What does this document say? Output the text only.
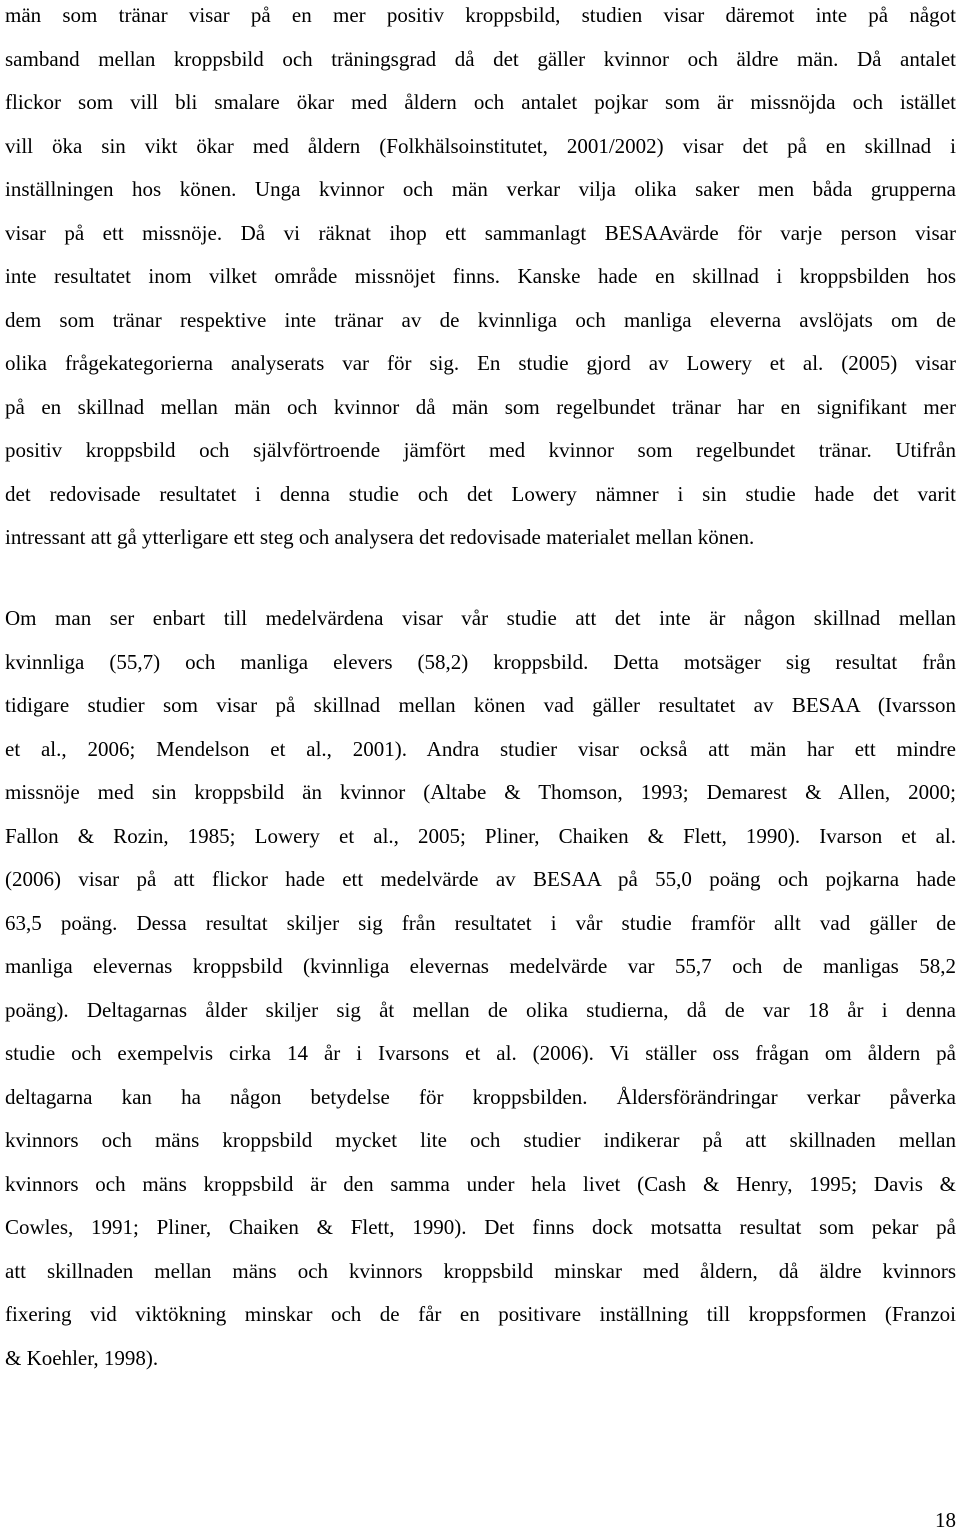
män som tränar visar på en mer positiv kroppsbild, studien visar däremot inte på något
samband mellan kroppsbild och träningsgrad då det gäller kvinnor och äldre män. Då antalet
flickor som vill bli smalare ökar med åldern och antalet pojkar som är missnöjda och istället
vill öka sin vikt ökar med åldern (Folkhälsoinstitutet, 2001/2002) visar det på en skillnad i
inställningen hos könen. Unga kvinnor och män verkar vilja olika saker men båda grupperna
visar på ett missnöje. Då vi räknat ihop ett sammanlagt BESAAvärde för varje person visar
inte resultatet inom vilket område missnöjet finns. Kanske hade en skillnad i kroppsbilden hos
dem som tränar respektive inte tränar av de kvinnliga och manliga eleverna avslöjats om de
olika frågekategorierna analyserats var för sig. En studie gjord av Lowery et al. (2005) visar
på en skillnad mellan män och kvinnor då män som regelbundet tränar har en signifikant mer
positiv kroppsbild och självförtroende jämfört med kvinnor som regelbundet tränar. Utifrån
det redovisade resultatet i denna studie och det Lowery nämner i sin studie hade det varit
intressant att gå ytterligare ett steg och analysera det redovisade materialet mellan könen.
Om man ser enbart till medelvärdena visar vår studie att det inte är någon skillnad mellan
kvinnliga (55,7) och manliga elevers (58,2) kroppsbild. Detta motsäger sig resultat från
tidigare studier som visar på skillnad mellan könen vad gäller resultatet av BESAA (Ivarsson
et al., 2006; Mendelson et al., 2001). Andra studier visar också att män har ett mindre
missnöje med sin kroppsbild än kvinnor (Altabe & Thomson, 1993; Demarest & Allen, 2000;
Fallon & Rozin, 1985; Lowery et al., 2005; Pliner, Chaiken & Flett, 1990). Ivarson et al.
(2006) visar på att flickor hade ett medelvärde av BESAA på 55,0 poäng och pojkarna hade
63,5 poäng. Dessa resultat skiljer sig från resultatet i vår studie framför allt vad gäller de
manliga elevernas kroppsbild (kvinnliga elevernas medelvärde var 55,7 och de manligas 58,2
poäng). Deltagarnas ålder skiljer sig åt mellan de olika studierna, då de var 18 år i denna
studie och exempelvis cirka 14 år i Ivarsons et al. (2006). Vi ställer oss frågan om åldern på
deltagarna kan ha någon betydelse för kroppsbilden. Åldersförändringar verkar påverka
kvinnors och mäns kroppsbild mycket lite och studier indikerar på att skillnaden mellan
kvinnors och mäns kroppsbild är den samma under hela livet (Cash & Henry, 1995; Davis &
Cowles, 1991; Pliner, Chaiken & Flett, 1990). Det finns dock motsatta resultat som pekar på
att skillnaden mellan mäns och kvinnors kroppsbild minskar med åldern, då äldre kvinnors
fixering vid viktökning minskar och de får en positivare inställning till kroppsformen (Franzoi
& Koehler, 1998).
18
